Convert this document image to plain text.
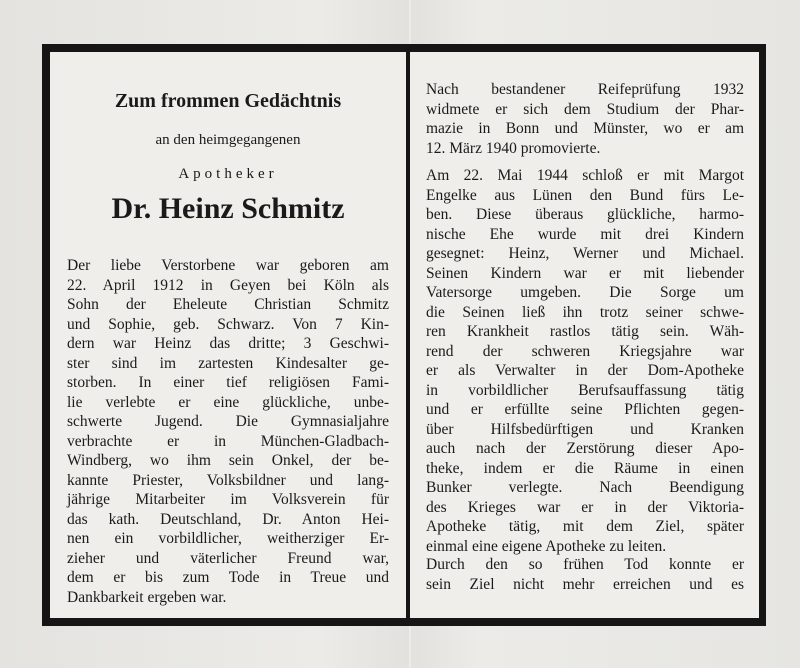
Zum frommen Gedächtnis
an den heimgegangenen
Apotheker
Dr. Heinz Schmitz
Der liebe Verstorbene war geboren am
22. April 1912 in Geyen bei Köln als
Sohn der Eheleute Christian Schmitz
und Sophie, geb. Schwarz. Von 7 Kin-
dern war Heinz das dritte; 3 Geschwi-
ster sind im zartesten Kindesalter ge-
storben. In einer tief religiösen Fami-
lie verlebte er eine glückliche, unbe-
schwerte Jugend. Die Gymnasialjahre
verbrachte er in München-Gladbach-
Windberg, wo ihm sein Onkel, der be-
kannte Priester, Volksbildner und lang-
jährige Mitarbeiter im Volksverein für
das kath. Deutschland, Dr. Anton Hei-
nen ein vorbildlicher, weitherziger Er-
zieher und väterlicher Freund war,
dem er bis zum Tode in Treue und
Dankbarkeit ergeben war.
Nach bestandener Reifeprüfung 1932
widmete er sich dem Studium der Phar-
mazie in Bonn und Münster, wo er am
12. März 1940 promovierte.
Am 22. Mai 1944 schloß er mit Margot
Engelke aus Lünen den Bund fürs Le-
ben. Diese überaus glückliche, harmo-
nische Ehe wurde mit drei Kindern
gesegnet: Heinz, Werner und Michael.
Seinen Kindern war er mit liebender
Vatersorge umgeben. Die Sorge um
die Seinen ließ ihn trotz seiner schwe-
ren Krankheit rastlos tätig sein. Wäh-
rend der schweren Kriegsjahre war
er als Verwalter in der Dom-Apotheke
in vorbildlicher Berufsauffassung tätig
und er erfüllte seine Pflichten gegen-
über Hilfsbedürftigen und Kranken
auch nach der Zerstörung dieser Apo-
theke, indem er die Räume in einen
Bunker verlegte. Nach Beendigung
des Krieges war er in der Viktoria-
Apotheke tätig, mit dem Ziel, später
einmal eine eigene Apotheke zu leiten.
Durch den so frühen Tod konnte er
sein Ziel nicht mehr erreichen und es
